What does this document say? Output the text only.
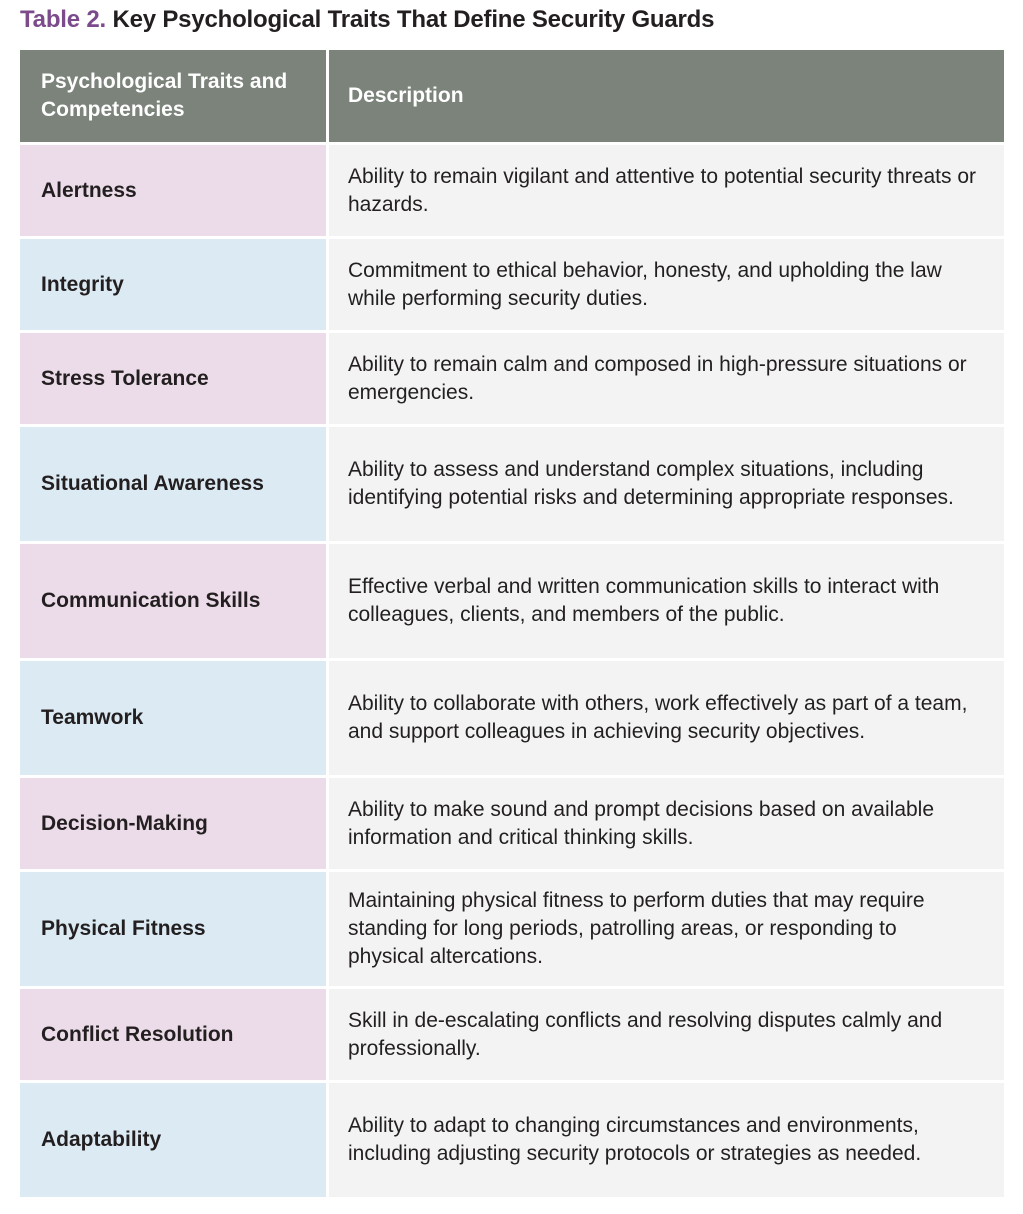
Table 2. Key Psychological Traits That Define Security Guards
Psychological Traits and Competencies	Description
Alertness	Ability to remain vigilant and attentive to potential security threats or hazards.
Integrity	Commitment to ethical behavior, honesty, and upholding the law while performing security duties.
Stress Tolerance	Ability to remain calm and composed in high-pressure situations or emergencies.
Situational Awareness	Ability to assess and understand complex situations, including identifying potential risks and determining appropriate responses.
Communication Skills	Effective verbal and written communication skills to interact with colleagues, clients, and members of the public.
Teamwork	Ability to collaborate with others, work effectively as part of a team, and support colleagues in achieving security objectives.
Decision-Making	Ability to make sound and prompt decisions based on available information and critical thinking skills.
Physical Fitness	Maintaining physical fitness to perform duties that may require standing for long periods, patrolling areas, or responding to physical altercations.
Conflict Resolution	Skill in de-escalating conflicts and resolving disputes calmly and professionally.
Adaptability	Ability to adapt to changing circumstances and environments, including adjusting security protocols or strategies as needed.
